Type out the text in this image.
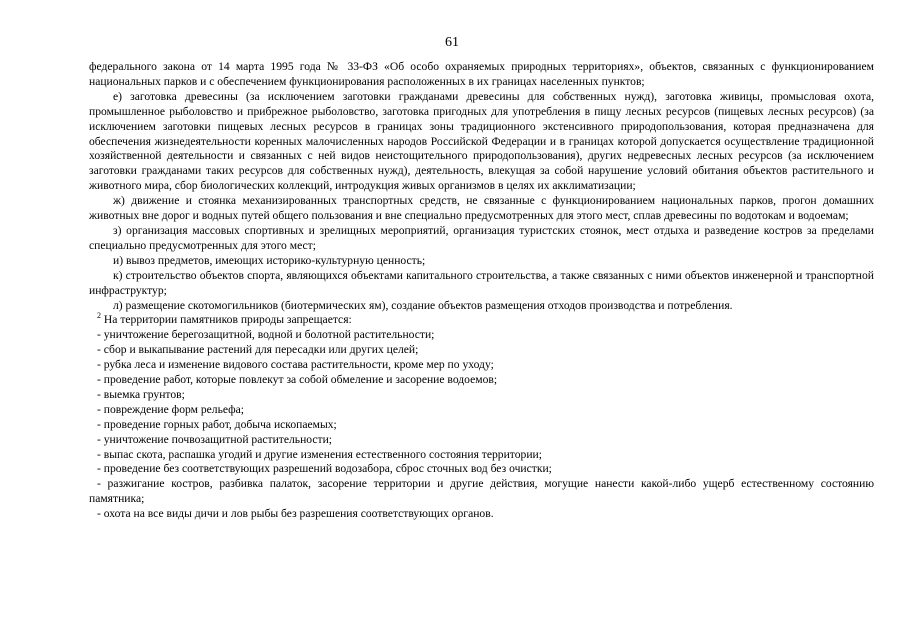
61

федерального закона от 14 марта 1995 года № 33-ФЗ «Об особо охраняемых природных территориях», объектов, связанных с функционированием национальных парков и с обеспечением функционирования расположенных в их границах населенных пунктов;

е) заготовка древесины (за исключением заготовки гражданами древесины для собственных нужд), заготовка живицы, промысловая охота, промышленное рыболовство и прибрежное рыболовство, заготовка пригодных для употребления в пищу лесных ресурсов (пищевых лесных ресурсов) (за исключением заготовки пищевых лесных ресурсов в границах зоны традиционного экстенсивного природопользования, которая предназначена для обеспечения жизнедеятельности коренных малочисленных народов Российской Федерации и в границах которой допускается осуществление традиционной хозяйственной деятельности и связанных с ней видов неистощительного природопользования), других недревесных лесных ресурсов (за исключением заготовки гражданами таких ресурсов для собственных нужд), деятельность, влекущая за собой нарушение условий обитания объектов растительного и животного мира, сбор биологических коллекций, интродукция живых организмов в целях их акклиматизации;

ж) движение и стоянка механизированных транспортных средств, не связанные с функционированием национальных парков, прогон домашних животных вне дорог и водных путей общего пользования и вне специально предусмотренных для этого мест, сплав древесины по водотокам и водоемам;

з) организация массовых спортивных и зрелищных мероприятий, организация туристских стоянок, мест отдыха и разведение костров за пределами специально предусмотренных для этого мест;

и) вывоз предметов, имеющих историко-культурную ценность;

к) строительство объектов спорта, являющихся объектами капитального строительства, а также связанных с ними объектов инженерной и транспортной инфраструктур;

л) размещение скотомогильников (биотермических ям), создание объектов размещения отходов производства и потребления.

$^2$ На территории памятников природы запрещается:

- уничтожение берегозащитной, водной и болотной растительности;

- сбор и выкапывание растений для пересадки или других целей;

- рубка леса и изменение видового состава растительности, кроме мер по уходу;

- проведение работ, которые повлекут за собой обмеление и засорение водоемов;

- выемка грунтов;

- повреждение форм рельефа;

- проведение горных работ, добыча ископаемых;

- уничтожение почвозащитной растительности;

- выпас скота, распашка угодий и другие изменения естественного состояния территории;

- проведение без соответствующих разрешений водозабора, сброс сточных вод без очистки;

- разжигание костров, разбивка палаток, засорение территории и другие действия, могущие нанести какой-либо ущерб естественному состоянию памятника;

- охота на все виды дичи и лов рыбы без разрешения соответствующих органов.
